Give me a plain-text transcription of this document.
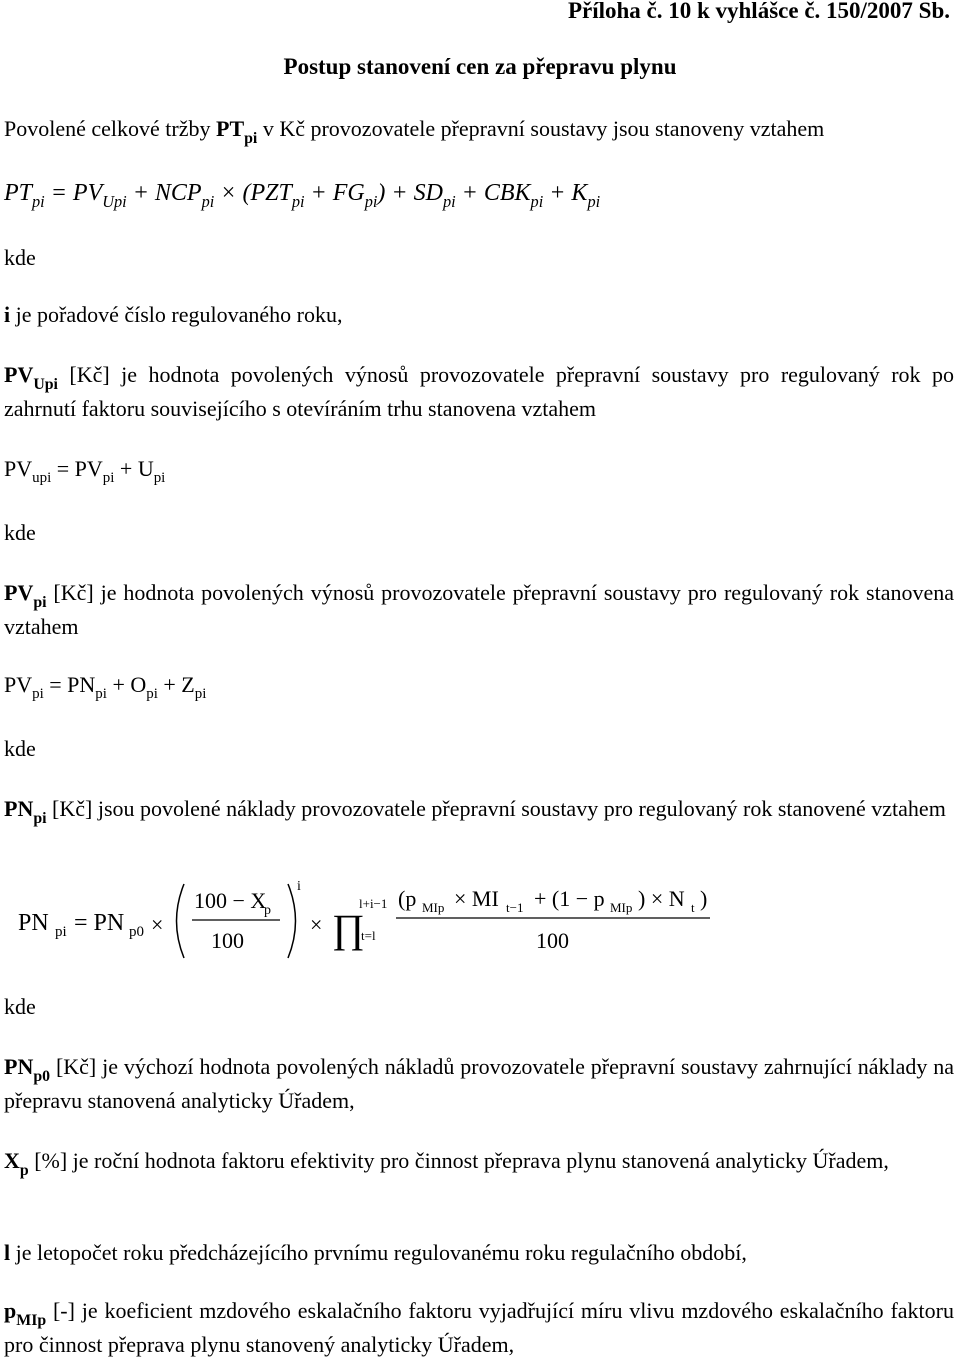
Příloha č. 10 k vyhlášce č. 150/2007 Sb.
Postup stanovení cen za přepravu plynu
Povolené celkové tržby $PT_{pi}$ v Kč provozovatele přepravní soustavy jsou stanoveny vztahem
$PT_{pi} = PV_{Upi} + NCP_{pi} \times (PZT_{pi} + FG_{pi}) + SD_{pi} + CBK_{pi} + K_{pi}$
kde
i je pořadové číslo regulovaného roku,
$PV_{Upi}$ [Kč] je hodnota povolených výnosů provozovatele přepravní soustavy pro regulovaný rok po zahrnutí faktoru souvisejícího s otevíráním trhu stanovena vztahem
$PV_{upi} = PV_{pi} + U_{pi}$
kde
$PV_{pi}$ [Kč] je hodnota povolených výnosů provozovatele přepravní soustavy pro regulovaný rok stanovena vztahem
$PV_{pi} = PN_{pi} + O_{pi} + Z_{pi}$
kde
$PN_{pi}$ [Kč] jsou povolené náklady provozovatele přepravní soustavy pro regulovaný rok stanovené vztahem
PN pi = PN p0 ×
100 − X
p
100
i
× ∏
l+i−1
t=l
(p MIp × MI t−1 + (1 − p MIp ) × N t )
100
kde
$PN_{p0}$ [Kč] je výchozí hodnota povolených nákladů provozovatele přepravní soustavy zahrnující náklady na přepravu stanovená analyticky Úřadem,
$X_p$ [%] je roční hodnota faktoru efektivity pro činnost přeprava plynu stanovená analyticky Úřadem,
l je letopočet roku předcházejícího prvnímu regulovanému roku regulačního období,
$p_{MIp}$ [-] je koeficient mzdového eskalačního faktoru vyjadřující míru vlivu mzdového eskalačního faktoru pro činnost přeprava plynu stanovený analyticky Úřadem,
